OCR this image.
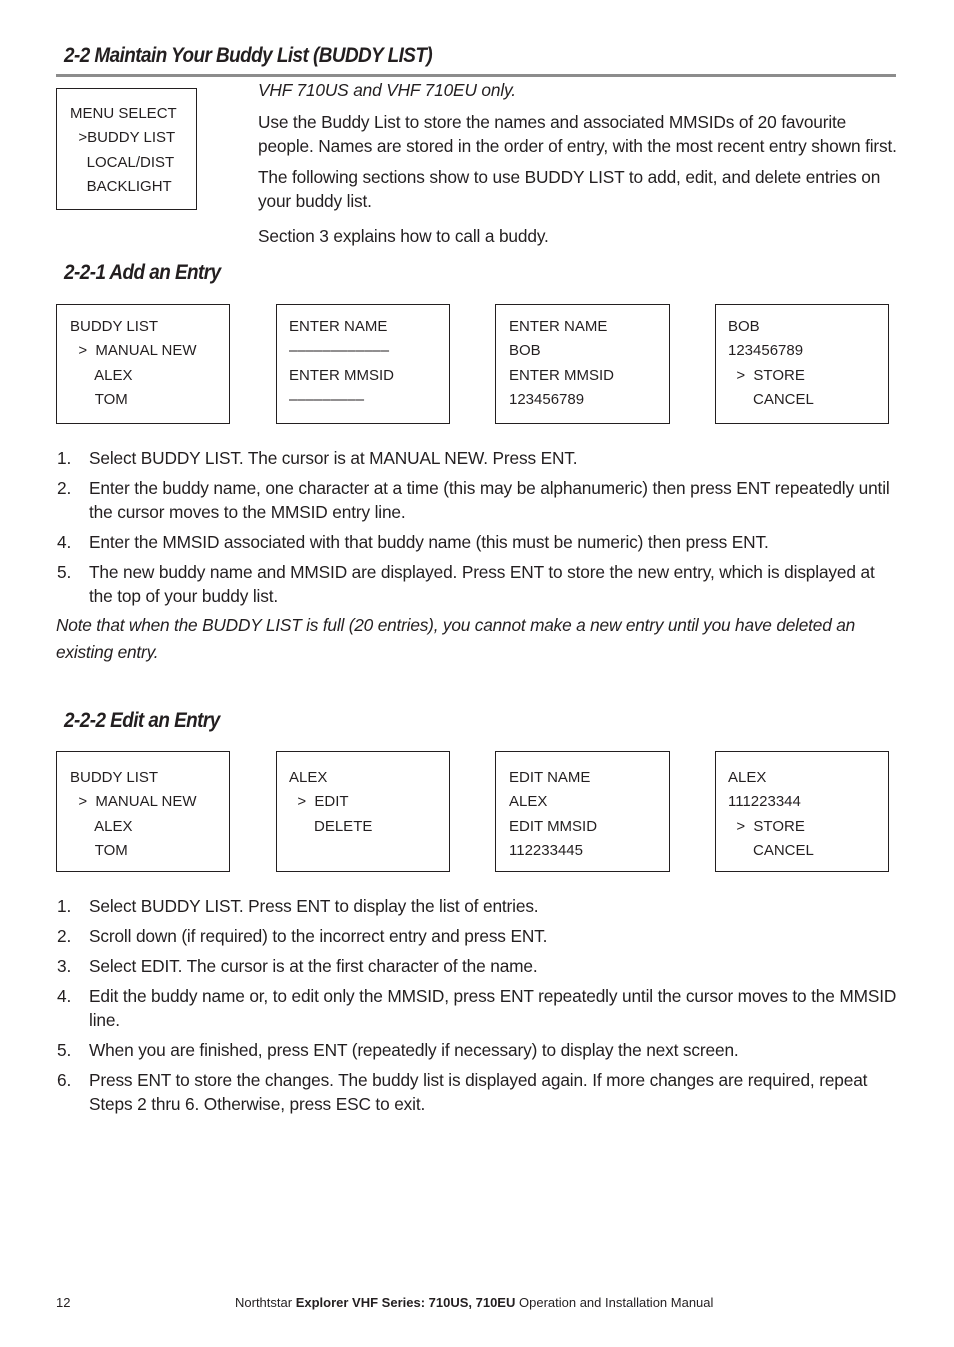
2-2 Maintain Your Buddy List (BUDDY LIST)
MENU SELECT
>BUDDY LIST
LOCAL/DIST
BACKLIGHT

VHF 710US and VHF 710EU only.

Use the Buddy List to store the names and associated MMSIDs of 20 favourite people. Names are stored in the order of entry, with the most recent entry shown first.

The following sections show to use BUDDY LIST to add, edit, and delete entries on your buddy list.

Section 3 explains how to call a buddy.

2-2-1 Add an Entry
BUDDY LIST
>  MANUAL NEW
ALEX
TOM
ENTER NAME
––––––––––––
ENTER MMSID
–––––––––
ENTER NAME
BOB
ENTER MMSID
123456789
BOB
123456789
>  STORE
CANCEL
1. Select BUDDY LIST. The cursor is at MANUAL NEW. Press ENT.
2. Enter the buddy name, one character at a time (this may be alphanumeric) then press ENT repeatedly until the cursor moves to the MMSID entry line.
4. Enter the MMSID associated with that buddy name (this must be numeric) then press ENT.
5. The new buddy name and MMSID are displayed. Press ENT to store the new entry, which is displayed at the top of your buddy list.

Note that when the BUDDY LIST is full (20 entries), you cannot make a new entry until you have deleted an existing entry.

2-2-2 Edit an Entry
BUDDY LIST
>  MANUAL NEW
ALEX
TOM
ALEX
>  EDIT
DELETE
EDIT NAME
ALEX
EDIT MMSID
112233445
ALEX
111223344
>  STORE
CANCEL
1. Select BUDDY LIST. Press ENT to display the list of entries.
2. Scroll down (if required) to the incorrect entry and press ENT.
3. Select EDIT. The cursor is at the first character of the name.
4. Edit the buddy name or, to edit only the MMSID, press ENT repeatedly until the cursor moves to the MMSID line.
5. When you are finished, press ENT (repeatedly if necessary) to display the next screen.
6. Press ENT to store the changes. The buddy list is displayed again. If more changes are required, repeat Steps 2 thru 6. Otherwise, press ESC to exit.
12	Northtstar Explorer VHF Series: 710US, 710EU Operation and Installation Manual
